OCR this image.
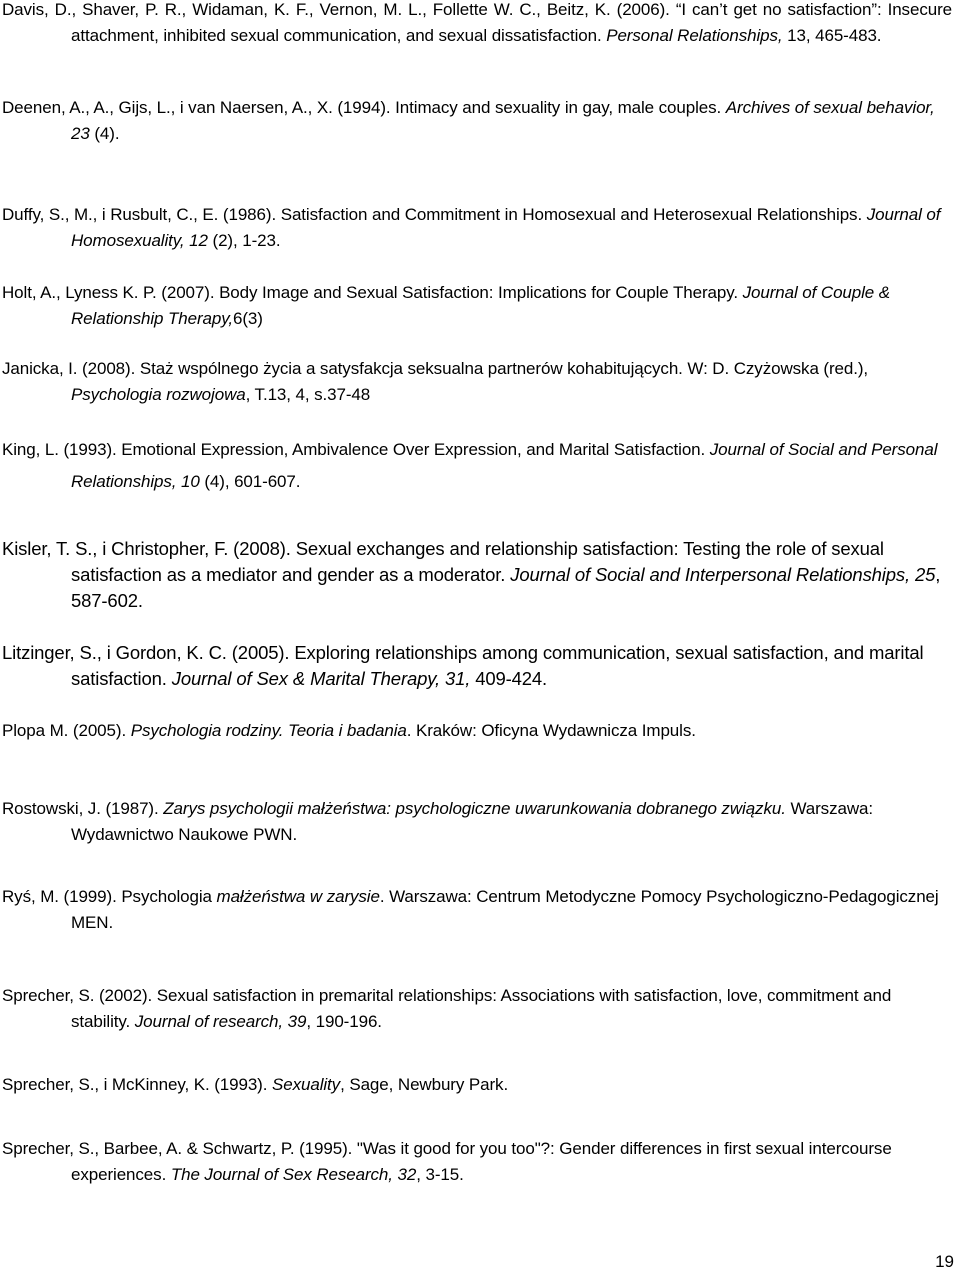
Davis, D., Shaver, P. R., Widaman, K. F., Vernon, M. L., Follette W. C., Beitz, K. (2006). “I can’t get no satisfaction”: Insecure attachment, inhibited sexual communication, and sexual dissatisfaction. Personal Relationships, 13, 465-483.

Deenen, A., A., Gijs, L., i van Naersen, A., X. (1994). Intimacy and sexuality in gay, male couples. Archives of sexual behavior, 23 (4).

Duffy, S., M., i Rusbult, C., E. (1986). Satisfaction and Commitment in Homosexual and Heterosexual Relationships. Journal of Homosexuality, 12 (2), 1-23.

Holt, A., Lyness K. P. (2007). Body Image and Sexual Satisfaction: Implications for Couple Therapy. Journal of Couple & Relationship Therapy,6(3)

Janicka, I. (2008). Staż wspólnego życia a satysfakcja seksualna partnerów kohabitujących. W: D. Czyżowska (red.), Psychologia rozwojowa, T.13, 4, s.37-48

King, L. (1993). Emotional Expression, Ambivalence Over Expression, and Marital Satisfaction. Journal of Social and Personal Relationships, 10 (4), 601-607.

Kisler, T. S., i Christopher, F. (2008). Sexual exchanges and relationship satisfaction: Testing the role of sexual satisfaction as a mediator and gender as a moderator. Journal of Social and Interpersonal Relationships, 25, 587-602.

Litzinger, S., i Gordon, K. C. (2005). Exploring relationships among communication, sexual satisfaction, and marital satisfaction. Journal of Sex & Marital Therapy, 31, 409-424.

Plopa M. (2005). Psychologia rodziny. Teoria i badania. Kraków: Oficyna Wydawnicza Impuls.

Rostowski, J. (1987). Zarys psychologii małżeństwa: psychologiczne uwarunkowania dobranego związku. Warszawa: Wydawnictwo Naukowe PWN.

Ryś, M. (1999). Psychologia małżeństwa w zarysie. Warszawa: Centrum Metodyczne Pomocy Psychologiczno-Pedagogicznej MEN.

Sprecher, S. (2002). Sexual satisfaction in premarital relationships: Associations with satisfaction, love, commitment and stability. Journal of research, 39, 190-196.

Sprecher, S., i McKinney, K. (1993). Sexuality, Sage, Newbury Park.

Sprecher, S., Barbee, A. & Schwartz, P. (1995). "Was it good for you too"?: Gender differences in first sexual intercourse experiences. The Journal of Sex Research, 32, 3-15.

19
